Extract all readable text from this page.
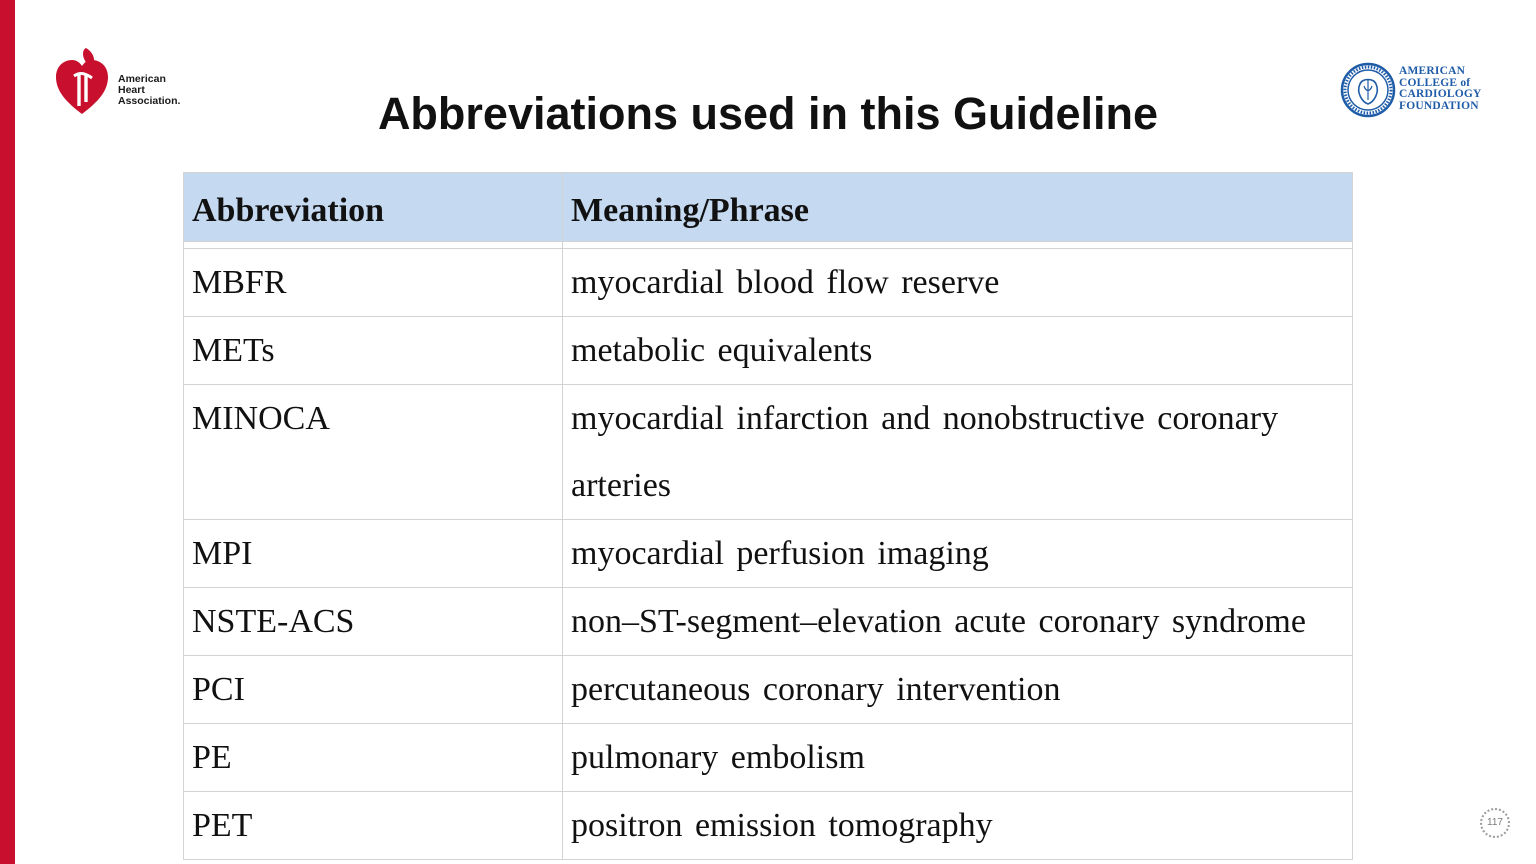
American
Heart
Association.
AMERICAN
COLLEGE of
CARDIOLOGY
FOUNDATION
Abbreviations used in this Guideline
Abbreviation	Meaning/Phrase

MBFR	myocardial blood flow reserve
METs	metabolic equivalents
MINOCA	myocardial infarction and nonobstructive coronary arteries
MPI	myocardial perfusion imaging
NSTE-ACS	non–ST-segment–elevation acute coronary syndrome
PCI	percutaneous coronary intervention
PE	pulmonary embolism
PET	positron emission tomography	117
